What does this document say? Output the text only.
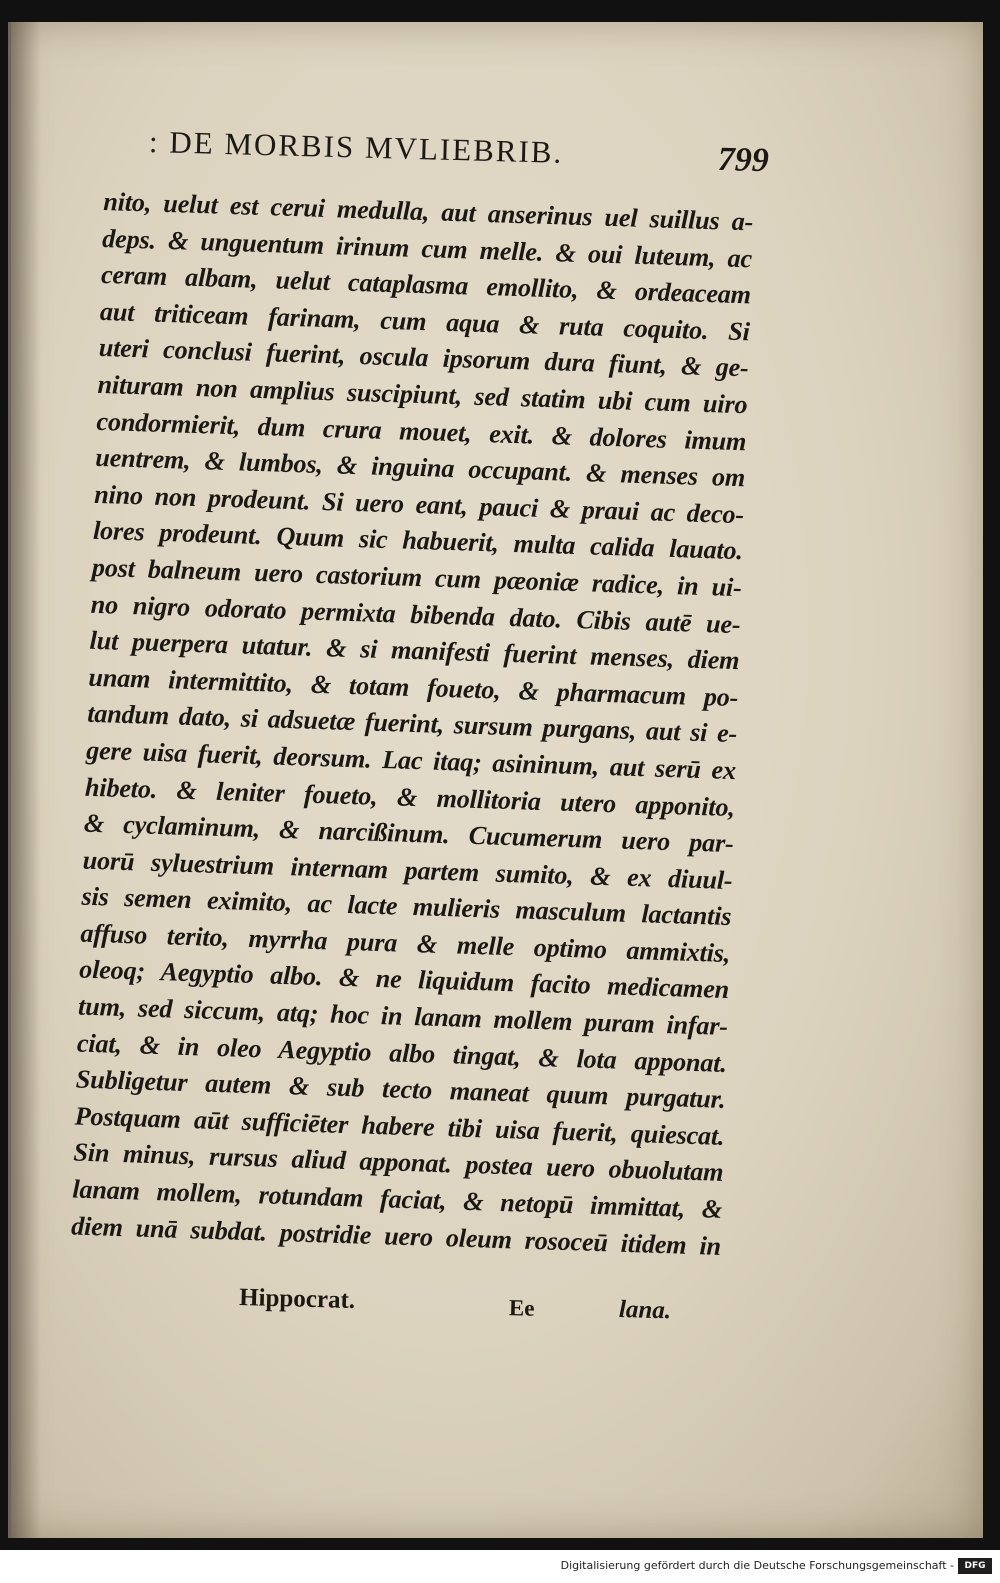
: DE MORBIS MVLIEBRIB.	799
nito, uelut est cerui medulla, aut anserinus uel suillus a-
deps. & unguentum irinum cum melle. & oui luteum, ac
ceram albam, uelut cataplasma emollito, & ordeaceam
aut triticeam farinam, cum aqua & ruta coquito. Si
uteri conclusi fuerint, oscula ipsorum dura fiunt, & ge-
nituram non amplius suscipiunt, sed statim ubi cum uiro
condormierit, dum crura mouet, exit. & dolores imum
uentrem, & lumbos, & inguina occupant. & menses om
nino non prodeunt. Si uero eant, pauci & praui ac deco-
lores prodeunt. Quum sic habuerit, multa calida lauato.
post balneum uero castorium cum pæoniæ radice, in ui-
no nigro odorato permixta bibenda dato. Cibis autē ue-
lut puerpera utatur. & si manifesti fuerint menses, diem
unam intermittito, & totam foueto, & pharmacum po-
tandum dato, si adsuetæ fuerint, sursum purgans, aut si e-
gere uisa fuerit, deorsum. Lac itaq; asininum, aut serū ex
hibeto. & leniter foueto, & mollitoria utero apponito,
& cyclaminum, & narcißinum. Cucumerum uero par-
uorū syluestrium internam partem sumito, & ex diuul-
sis semen eximito, ac lacte mulieris masculum lactantis
affuso terito, myrrha pura & melle optimo ammixtis,
oleoq; Aegyptio albo. & ne liquidum facito medicamen
tum, sed siccum, atq; hoc in lanam mollem puram infar-
ciat, & in oleo Aegyptio albo tingat, & lota apponat.
Subligetur autem & sub tecto maneat quum purgatur.
Postquam aūt sufficiēter habere tibi uisa fuerit, quiescat.
Sin minus, rursus aliud apponat. postea uero obuolutam
lanam mollem, rotundam faciat, & netopū immittat, &
diem unā subdat. postridie uero oleum rosoceū itidem in
Hippocrat.	Ee	lana.
Digitalisierung gefördert durch die Deutsche Forschungsgemeinschaft -	DFG
